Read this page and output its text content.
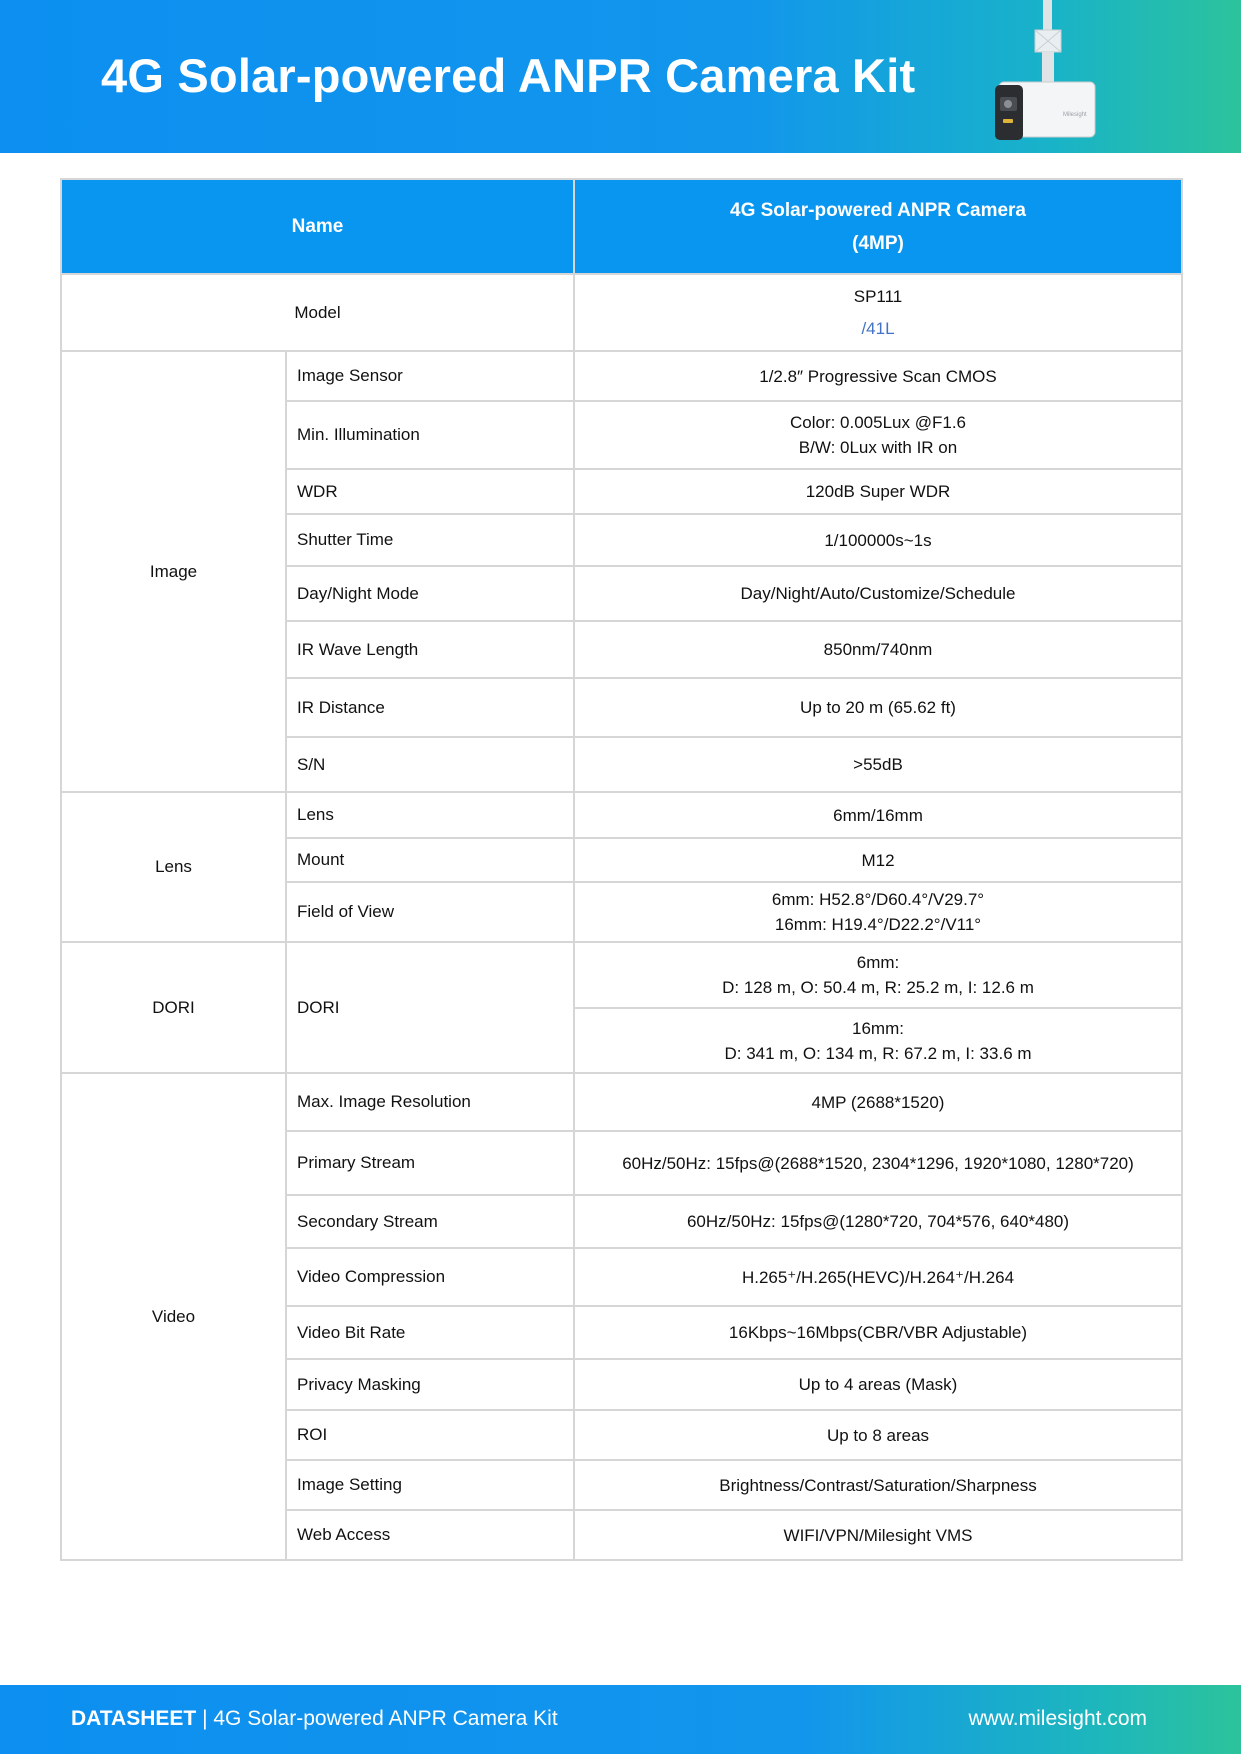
4G Solar-powered ANPR Camera Kit
Milesight
Name		4G Solar-powered ANPR Camera
(4MP)

Model		SP111
/41L

Image	Image Sensor	1/2.8″ Progressive Scan CMOS
	Min. Illumination	Color: 0.005Lux @F1.6
B/W: 0Lux with IR on

	WDR	120dB Super WDR
	Shutter Time	1/100000s~1s
	Day/Night Mode	Day/Night/Auto/Customize/Schedule
	IR Wave Length	850nm/740nm
	IR Distance	Up to 20 m (65.62 ft)
	S/N	>55dB
Lens	Lens	6mm/16mm
	Mount	M12
	Field of View	6mm: H52.8°/D60.4°/V29.7°
16mm: H19.4°/D22.2°/V11°

DORI	DORI	6mm:
D: 128 m, O: 50.4 m, R: 25.2 m, I: 12.6 m

		16mm:
D: 341 m, O: 134 m, R: 67.2 m, I: 33.6 m

Video	Max. Image Resolution	4MP (2688*1520)
	Primary Stream	60Hz/50Hz: 15fps@(2688*1520, 2304*1296, 1920*1080, 1280*720)
	Secondary Stream	60Hz/50Hz: 15fps@(1280*720, 704*576, 640*480)
	Video Compression	H.265⁺/H.265(HEVC)/H.264⁺/H.264
	Video Bit Rate	16Kbps~16Mbps(CBR/VBR Adjustable)
	Privacy Masking	Up to 4 areas (Mask)
	ROI	Up to 8 areas
	Image Setting	Brightness/Contrast/Saturation/Sharpness
	Web Access	WIFI/VPN/Milesight VMS
DATASHEET | 4G Solar-powered ANPR Camera Kit	www.milesight.com
